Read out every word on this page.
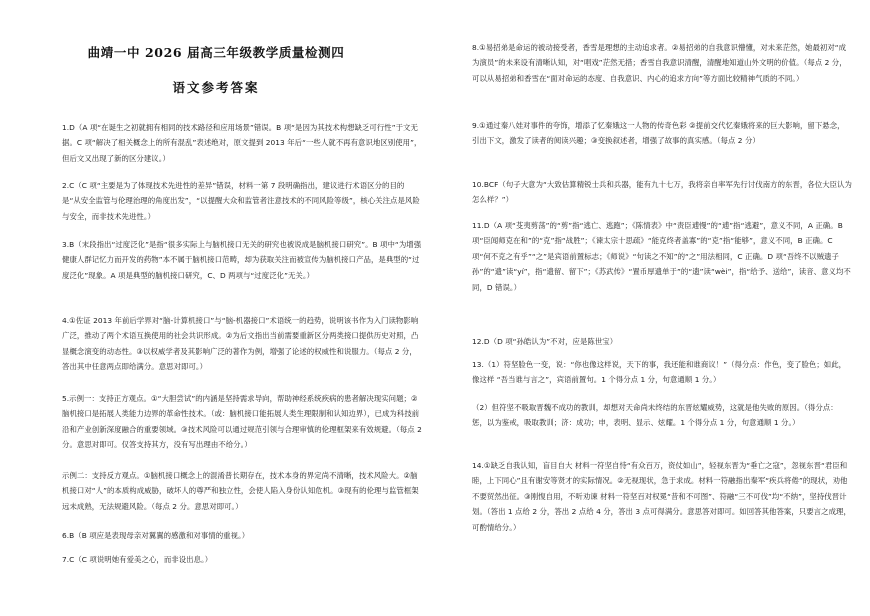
曲靖一中 2026 届高三年级教学质量检测四
语文参考答案

1.D（A 项“在诞生之初就拥有相同的技术路径和应用场景”错误。B 项“是因为其技术构想缺乏可行性”于文无据。C 项“解决了相关概念上的所有混乱”表述绝对，原文提到 2013 年后“一些人就不再有意识地区别使用”，但后文又出现了新的区分建议。）

2.C（C 项“主要是为了体现技术先进性的差异”错误，材料一第 7 段明确指出，建议进行术语区分的目的是“从安全监管与伦理治理的角度出发”，“以提醒大众和监管者注意技术的不同风险等级”，核心关注点是风险与安全，而非技术先进性。）

3.B（末段指出“过度泛化”是指“很多实际上与脑机接口无关的研究也被说成是脑机接口研究”。B 项中“为增强健康人群记忆力而开发的药物”本不属于脑机接口范畴，却为获取关注而被宣传为脑机接口产品，是典型的“过度泛化”现象。A 项是典型的脑机接口研究，C、D 两项与“过度泛化”无关。）

4.①佐证 2013 年前后学界对“脑-计算机接口”与“脑-机器接口”术语统一的趋势，说明该书作为入门读物影响广泛，推动了两个术语互换使用的社会共识形成。②为后文指出当前需要重新区分两类接口提供历史对照，凸显概念演变的动态性。③以权威学者及其影响广泛的著作为例，增强了论述的权威性和说服力。（每点 2 分，答出其中任意两点即给满分。意思对即可。）

5.示例一：支持正方观点。①“大胆尝试”的内涵是坚持需求导向，帮助神经系统疾病的患者解决现实问题；②脑机接口是拓展人类能力边界的革命性技术。（或：脑机接口能拓展人类生理限制和认知边界），已成为科技前沿和产业创新深度融合的重要领域。③技术风险可以通过规范引领与合理审慎的伦理框架来有效规避。（每点 2 分。意思对即可。仅答支持其方，没有写出理由不给分。）

示例二：支持反方观点。①脑机接口概念上的混淆普长期存在，技术本身的界定尚不清晰，技术风险大。②脑机接口对“人”的本质构成威胁，破坏人的尊严和独立性，会使人陷入身份认知危机。③现有的伦理与监管框架远未成熟，无法规避风险。（每点 2 分。意思对即可。）

6.B（B 项应是表现母亲对翼翼的感激和对事情的重视。）

7.C（C 项说明她有爱美之心，而非设出息。）

8.①易招弟是命运的被动接受者，香雪是理想的主动追求者。②易招弟的自我意识懵懂，对未来茫然，她最初对“成为演员”的未来设有清晰认知，对“唱戏”茫然无措；香雪自我意识清醒，清醒地知道山外文明的价值。（每点 2 分，可以从易招弟和香雪在“面对命运的态度、自我意识、内心的追求方向”等方面比较精神气质的不同。）

9.①通过秦八娃对事件的夸饰，增添了忆秦娥这一人物的传奇色彩 ②提前交代忆秦娥将来的巨大影响，留下悬念，引出下文，激发了读者的阅读兴趣；③变换叙述者，增强了故事的真实感。（每点 2 分）

10.BCF（句子大意为“大致估算精锐士兵和兵器，能有九十七万，我将亲自率军先行讨伐南方的东晋，各位大臣认为怎么样？”）

11.D（A 项“芟夷剪荡”的“剪”指“逃亡、逃跑”；《陈情表》中“责臣逋慢”的“逋”指“逃避”，意义不同，A 正确。B 项“臣闻师克在和”的“克”指“战胜”；《谏太宗十思疏》“能克终者盖寡”的“克”指“能够”，意义不同，B 正确。C 项“何不克之有乎”“之”是宾语前置标志；《师说》“句读之不知”的“之”用法相同，C 正确。D 项“吾终不以贼遗子孙”的“遗”读“yí”，指“遗留、留下”；《苏武传》“置币厚遗单于”的“遗”读“wèi”，指“给予、送给”，读音、意义均不同，D 错误。）

12.D（D 项“孙皓认为”不对，应是陈世宝）

13.（1）符坚脸色一变，说：“你也像这样说，天下的事，我还能和谁商议！”（得分点：作色，变了脸色；如此，像这样 “吾当谁与言之”，宾语前置句。1 个得分点 1 分，句意通顺 1 分。）

（2）但符坚不吸取晋魏不成功的教训，却想对天命尚未终结的东晋炫耀威势，这就是他失败的原因。（得分点：惩，以为鉴戒，吸取教训；济：成功；申，表明、显示、炫耀。1 个得分点 1 分，句意通顺 1 分。）

14.①缺乏自我认知，盲目自大 材料一符坚自恃“有众百万，资仗如山”，轻视东晋为“垂亡之寇”，忽视东晋“君臣和睦，上下同心”且有谢安等贤才的实际情况。②无视现状，急于求成。材料一符融指出秦军“疾兵将倦”的现状，劝他不要贸然出征。③刚愎自用，不听劝谏 材料一符坚百对权冕“昔和不可图”、符融“三不可伐”均“不纳”，坚持伐晋计划。（答出 1 点给 2 分，答出 2 点给 4 分，答出 3 点可得满分。意思答对即可。如回答其他答案，只要言之成理，可酌情给分。）
